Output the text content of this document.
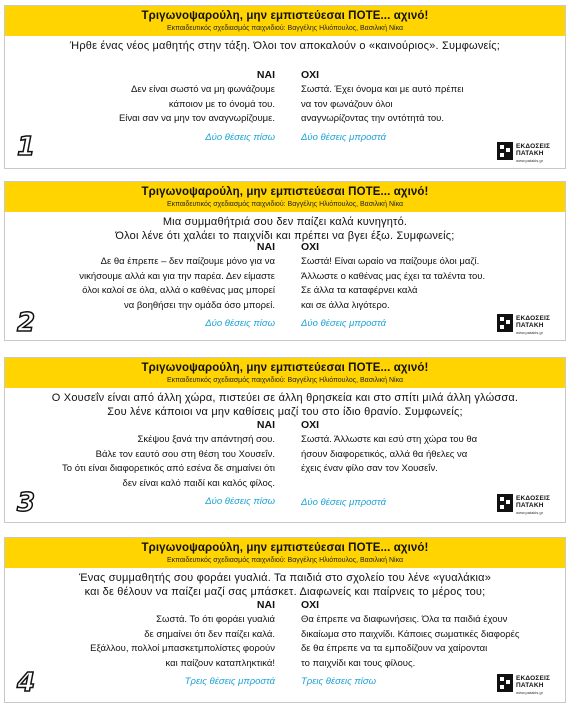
Τριγωνοψαρούλη, μην εμπιστεύεσαι ΠΟΤΕ... αχινό!
Εκπαιδευτικός σχεδιασμός παιχνιδιού: Βαγγέλης Ηλιόπουλος, Βασιλική Νίκα
Ήρθε ένας νέος μαθητής στην τάξη. Όλοι τον αποκαλούν ο «καινούριος». Συμφωνείς;
ΝΑΙ
Δεν είναι σωστό να μη φωνάζουμε
κάποιον με το όνομά του.
Είναι σαν να μην τον αναγνωρίζουμε.
Δύο θέσεις πίσω
ΟΧΙ
Σωστά. Έχει όνομα και με αυτό πρέπει
να τον φωνάζουν όλοι
αναγνωρίζοντας την οντότητά του.
Δύο θέσεις μπροστά
1	ΕΚΔΟΣΕΙΣ
ΠΑΤΑΚΗ
www.patakis.gr
Τριγωνοψαρούλη, μην εμπιστεύεσαι ΠΟΤΕ... αχινό!
Εκπαιδευτικός σχεδιασμός παιχνιδιού: Βαγγέλης Ηλιόπουλος, Βασιλική Νίκα
Μια συμμαθήτριά σου δεν παίζει καλά κυνηγητό.
Όλοι λένε ότι χαλάει το παιχνίδι και πρέπει να βγει έξω. Συμφωνείς;
ΝΑΙ
Δε θα έπρεπε – δεν παίζουμε μόνο για να
νικήσουμε αλλά και για την παρέα. Δεν είμαστε
όλοι καλοί σε όλα, αλλά ο καθένας μας μπορεί
να βοηθήσει την ομάδα όσο μπορεί.
Δύο θέσεις πίσω
ΟΧΙ
Σωστά! Είναι ωραίο να παίζουμε όλοι μαζί.
Άλλωστε ο καθένας μας έχει τα ταλέντα του.
Σε άλλα τα καταφέρνει καλά
και σε άλλα λιγότερο.
Δύο θέσεις μπροστά
2	ΕΚΔΟΣΕΙΣ
ΠΑΤΑΚΗ
www.patakis.gr
Τριγωνοψαρούλη, μην εμπιστεύεσαι ΠΟΤΕ... αχινό!
Εκπαιδευτικός σχεδιασμός παιχνιδιού: Βαγγέλης Ηλιόπουλος, Βασιλική Νίκα
Ο Χουσεΐν είναι από άλλη χώρα, πιστεύει σε άλλη θρησκεία και στο σπίτι μιλά άλλη γλώσσα.
Σου λένε κάποιοι να μην καθίσεις μαζί του στο ίδιο θρανίο. Συμφωνείς;
ΝΑΙ
Σκέψου ξανά την απάντησή σου.
Βάλε τον εαυτό σου στη θέση του Χουσεΐν.
Το ότι είναι διαφορετικός από εσένα δε σημαίνει ότι
δεν είναι καλό παιδί και καλός φίλος.
Δύο θέσεις πίσω
ΟΧΙ
Σωστά. Άλλωστε και εσύ στη χώρα του θα
ήσουν διαφορετικός, αλλά θα ήθελες να
έχεις έναν φίλο σαν τον Χουσεΐν.
Δύο θέσεις μπροστά
3	ΕΚΔΟΣΕΙΣ
ΠΑΤΑΚΗ
www.patakis.gr
Τριγωνοψαρούλη, μην εμπιστεύεσαι ΠΟΤΕ... αχινό!
Εκπαιδευτικός σχεδιασμός παιχνιδιού: Βαγγέλης Ηλιόπουλος, Βασιλική Νίκα
Ένας συμμαθητής σου φοράει γυαλιά. Τα παιδιά στο σχολείο του λένε «γυαλάκια»
και δε θέλουν να παίζει μαζί σας μπάσκετ. Διαφωνείς και παίρνεις το μέρος του;
ΝΑΙ
Σωστά. Το ότι φοράει γυαλιά
δε σημαίνει ότι δεν παίζει καλά.
Εξάλλου, πολλοί μπασκετμπολίστες φορούν
και παίζουν καταπληκτικά!
Τρεις θέσεις μπροστά
ΟΧΙ
Θα έπρεπε να διαφωνήσεις. Όλα τα παιδιά έχουν
δικαίωμα στο παιχνίδι. Κάποιες σωματικές διαφορές
δε θα έπρεπε να τα εμποδίζουν να χαίρονται
το παιχνίδι και τους φίλους.
Τρεις θέσεις πίσω
4	ΕΚΔΟΣΕΙΣ
ΠΑΤΑΚΗ
www.patakis.gr
